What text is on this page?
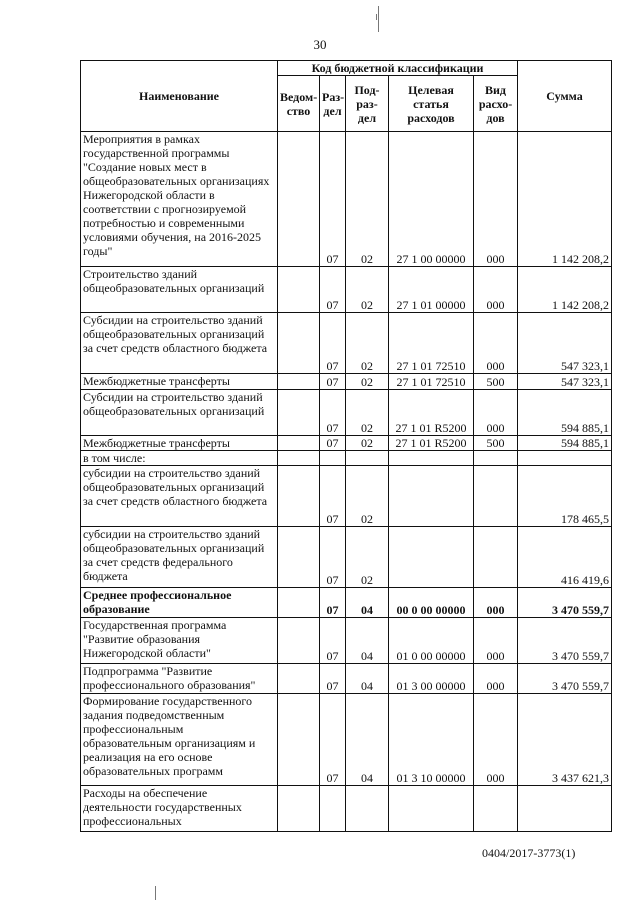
30
Наименование	Код бюджетной классификации					Сумма
	Ведом-ство	Раз-дел	Под-раз-дел	Целевая статья расходов	Вид расхо-дов	
Мероприятия в рамках государственной программы "Создание новых мест в общеобразовательных организациях Нижегородской области в соответствии с прогнозируемой потребностью и современными условиями обучения, на 2016-2025 годы"		07	02	27 1 00 00000	000	1 142 208,2
Строительство зданий общеобразовательных организаций		07	02	27 1 01 00000	000	1 142 208,2
Субсидии на строительство зданий общеобразовательных организаций за счет средств областного бюджета		07	02	27 1 01 72510	000	547 323,1
Межбюджетные трансферты		07	02	27 1 01 72510	500	547 323,1
Субсидии на строительство зданий общеобразовательных организаций		07	02	27 1 01 R5200	000	594 885,1
Межбюджетные трансферты		07	02	27 1 01 R5200	500	594 885,1
в том числе:						
субсидии на строительство зданий общеобразовательных организаций за счет средств областного бюджета		07	02			178 465,5
субсидии на строительство зданий общеобразовательных организаций за счет средств федерального бюджета		07	02			416 419,6
Среднее профессиональное образование		07	04	00 0 00 00000	000	3 470 559,7
Государственная программа "Развитие образования Нижегородской области"		07	04	01 0 00 00000	000	3 470 559,7
Подпрограмма "Развитие профессионального образования"		07	04	01 3 00 00000	000	3 470 559,7
Формирование государственного задания подведомственным профессиональным образовательным организациям и реализация на его основе образовательных программ		07	04	01 3 10 00000	000	3 437 621,3
Расходы на обеспечение деятельности государственных профессиональных						
0404/2017-3773(1)
